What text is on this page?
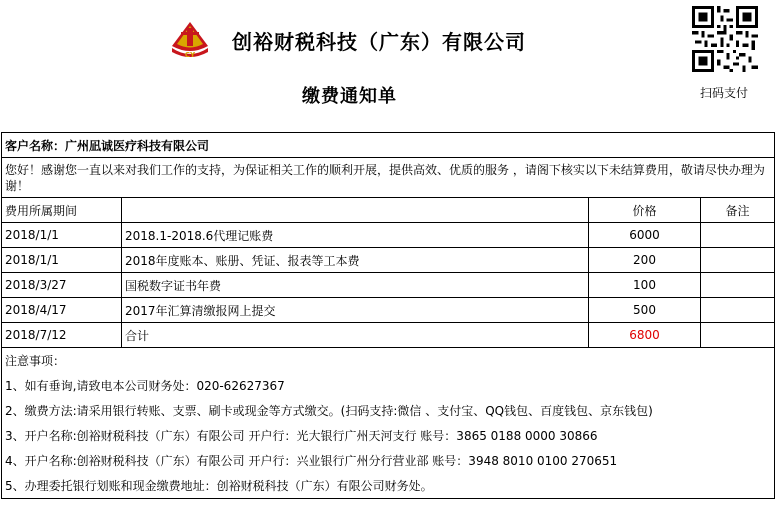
CY
创裕财税科技（广东）有限公司
缴费通知单	扫码支付
客户名称：广州凪诚医疗科技有限公司			
您好！感谢您一直以来对我们工作的支持，为保证相关工作的顺利开展，提供高效、优质的服务 ，请阁下核实以下未结算费用，敬请尽快办理为谢！			
费用所属期间		价格	备注
2018/1/1	2018.1-2018.6代理记账费	6000	
2018/1/1	2018年度账本、账册、凭证、报表等工本费	200	
2018/3/27	国税数字证书年费	100	
2018/4/17	2017年汇算清缴报网上提交	500	
2018/7/12	合计	6800	
注意事项：			
1、如有垂询,请致电本公司财务处：020-62627367			
2、缴费方法:请采用银行转账、支票、刷卡或现金等方式缴交。(扫码支持:微信 、支付宝、QQ钱包、百度钱包、京东钱包)			
3、开户名称:创裕财税科技（广东）有限公司 开户行：光大银行广州天河支行 账号：3865 0188 0000 30866			
4、开户名称:创裕财税科技（广东）有限公司 开户行：兴业银行广州分行营业部 账号：3948 8010 0100 270651			
5、办理委托银行划账和现金缴费地址：创裕财税科技（广东）有限公司财务处。			
